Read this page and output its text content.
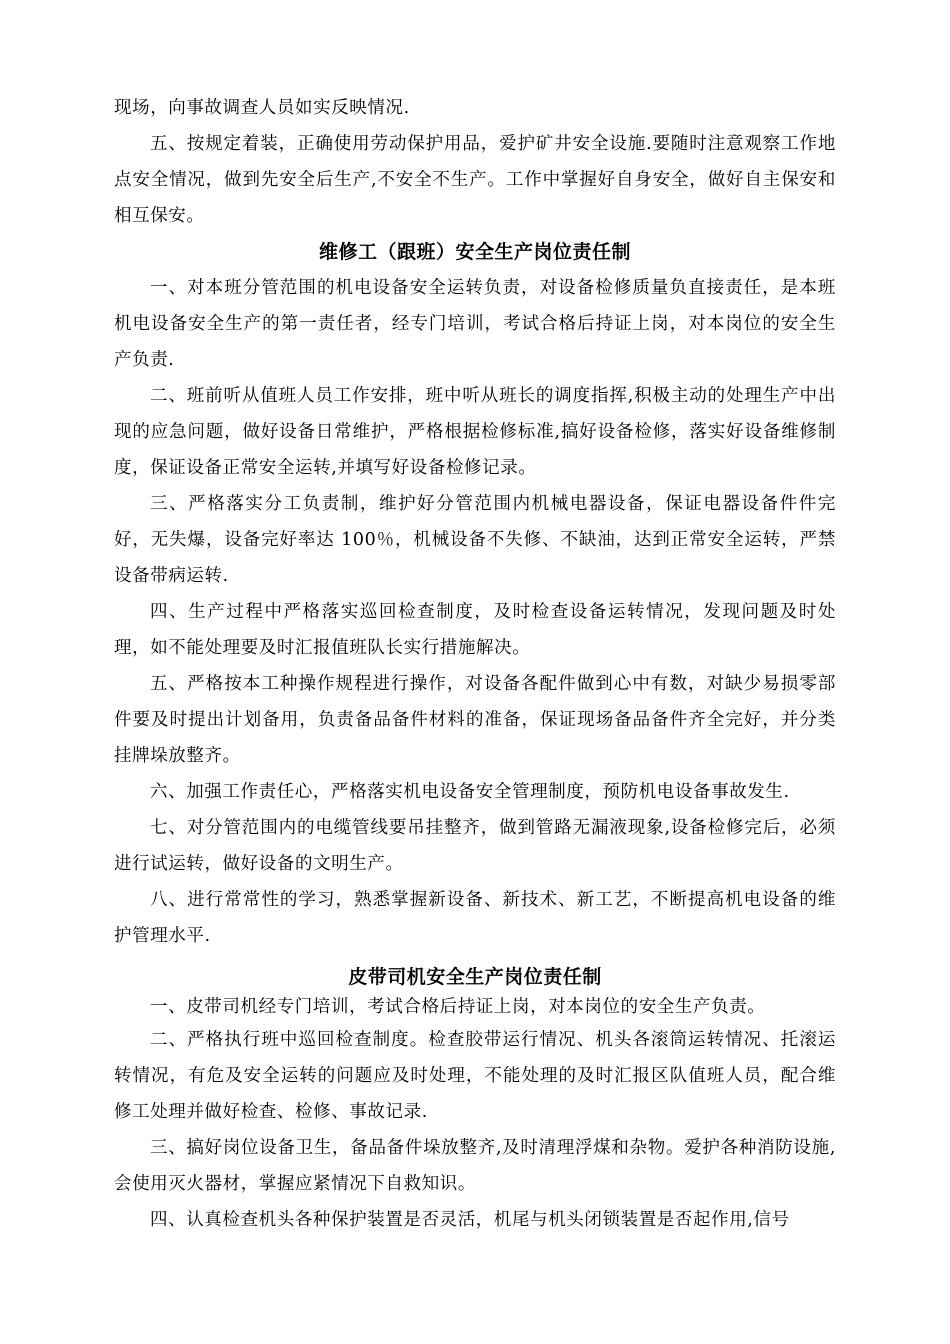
现场，向事故调查人员如实反映情况.

五、按规定着装，正确使用劳动保护用品，爱护矿井安全设施.要随时注意观察工作地点安全情况，做到先安全后生产,不安全不生产。工作中掌握好自身安全，做好自主保安和相互保安。

维修工（跟班）安全生产岗位责任制

一、对本班分管范围的机电设备安全运转负责，对设备检修质量负直接责任，是本班机电设备安全生产的第一责任者，经专门培训，考试合格后持证上岗，对本岗位的安全生产负责.

二、班前听从值班人员工作安排，班中听从班长的调度指挥,积极主动的处理生产中出现的应急问题，做好设备日常维护，严格根据检修标准,搞好设备检修，落实好设备维修制度，保证设备正常安全运转,并填写好设备检修记录。

三、严格落实分工负责制，维护好分管范围内机械电器设备，保证电器设备件件完好，无失爆，设备完好率达 100％，机械设备不失修、不缺油，达到正常安全运转，严禁设备带病运转.

四、生产过程中严格落实巡回检查制度，及时检查设备运转情况，发现问题及时处理，如不能处理要及时汇报值班队长实行措施解决。

五、严格按本工种操作规程进行操作，对设备各配件做到心中有数，对缺少易损零部件要及时提出计划备用，负责备品备件材料的准备，保证现场备品备件齐全完好，并分类挂牌垛放整齐。

六、加强工作责任心，严格落实机电设备安全管理制度，预防机电设备事故发生.

七、对分管范围内的电缆管线要吊挂整齐，做到管路无漏液现象,设备检修完后，必须进行试运转，做好设备的文明生产。

八、进行常常性的学习，熟悉掌握新设备、新技术、新工艺，不断提高机电设备的维护管理水平.

皮带司机安全生产岗位责任制

一、皮带司机经专门培训，考试合格后持证上岗，对本岗位的安全生产负责。

二、严格执行班中巡回检查制度。检查胶带运行情况、机头各滚筒运转情况、托滚运转情况，有危及安全运转的问题应及时处理，不能处理的及时汇报区队值班人员，配合维修工处理并做好检查、检修、事故记录.

三、搞好岗位设备卫生，备品备件垛放整齐,及时清理浮煤和杂物。爱护各种消防设施,会使用灭火器材，掌握应紧情况下自救知识。

四、认真检查机头各种保护装置是否灵活，机尾与机头闭锁装置是否起作用,信号
